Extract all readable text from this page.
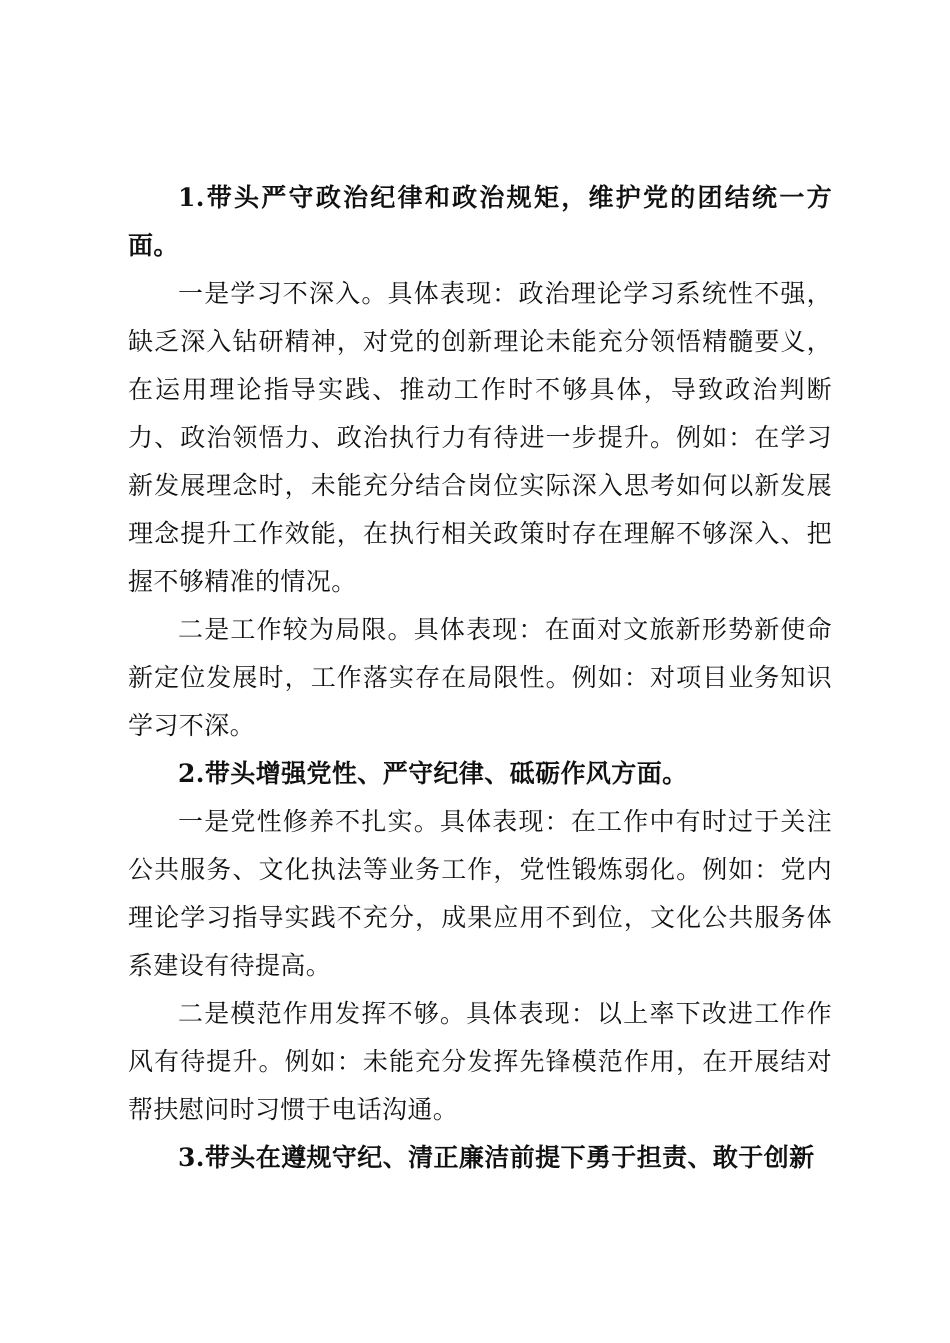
1.带头严守政治纪律和政治规矩，维护党的团结统一方面。

一是学习不深入。具体表现：政治理论学习系统性不强，缺乏深入钻研精神，对党的创新理论未能充分领悟精髓要义，在运用理论指导实践、推动工作时不够具体，导致政治判断力、政治领悟力、政治执行力有待进一步提升。例如：在学习新发展理念时，未能充分结合岗位实际深入思考如何以新发展理念提升工作效能，在执行相关政策时存在理解不够深入、把握不够精准的情况。

二是工作较为局限。具体表现：在面对文旅新形势新使命新定位发展时，工作落实存在局限性。例如：对项目业务知识学习不深。

2.带头增强党性、严守纪律、砥砺作风方面。

一是党性修养不扎实。具体表现：在工作中有时过于关注公共服务、文化执法等业务工作，党性锻炼弱化。例如：党内理论学习指导实践不充分，成果应用不到位，文化公共服务体系建设有待提高。

二是模范作用发挥不够。具体表现：以上率下改进工作作风有待提升。例如：未能充分发挥先锋模范作用，在开展结对帮扶慰问时习惯于电话沟通。

3.带头在遵规守纪、清正廉洁前提下勇于担责、敢于创新
